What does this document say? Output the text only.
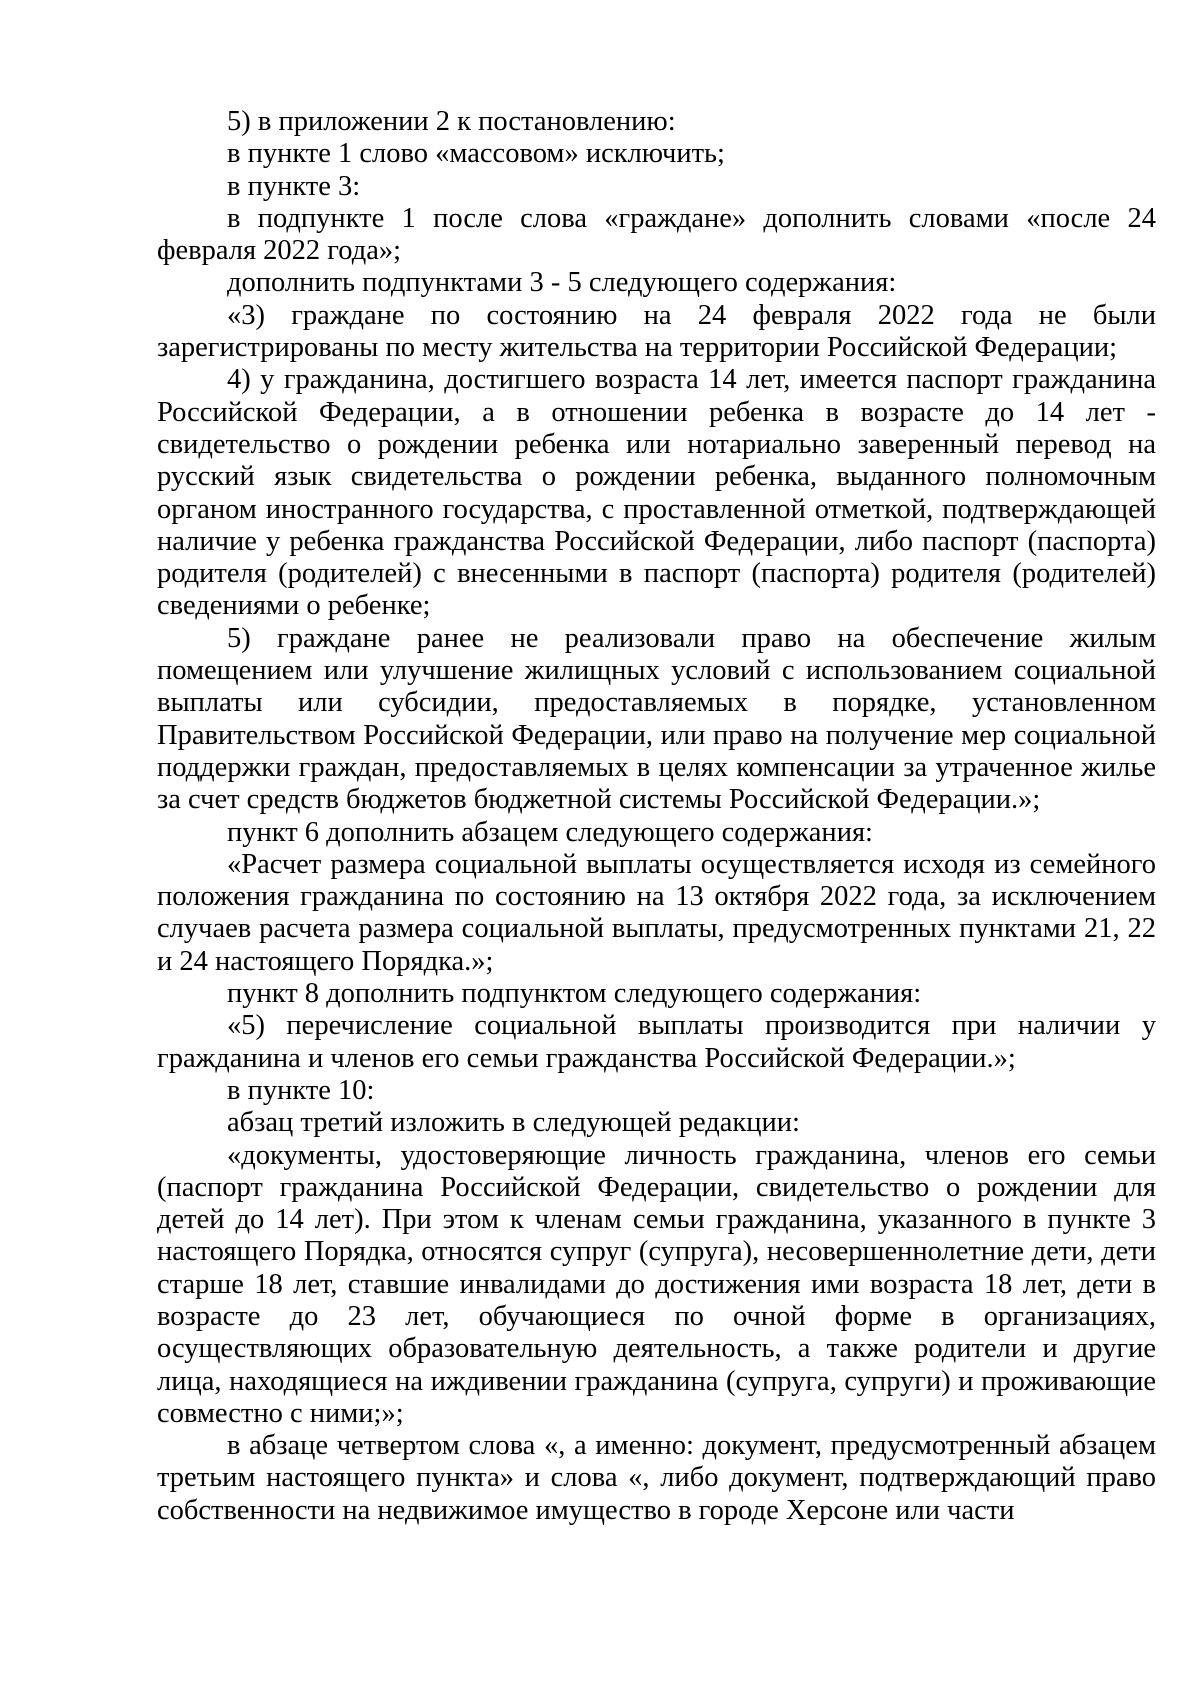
5) в приложении 2 к постановлению:

в пункте 1 слово «массовом» исключить;

в пункте 3:

в подпункте 1 после слова «граждане» дополнить словами «после 24 февраля 2022 года»;

дополнить подпунктами 3 - 5 следующего содержания:

«3) граждане по состоянию на 24 февраля 2022 года не были зарегистрированы по месту жительства на территории Российской Федерации;

4) у гражданина, достигшего возраста 14 лет, имеется паспорт гражданина Российской Федерации, а в отношении ребенка в возрасте до 14 лет - свидетельство о рождении ребенка или нотариально заверенный перевод на русский язык свидетельства о рождении ребенка, выданного полномочным органом иностранного государства, с проставленной отметкой, подтверждающей наличие у ребенка гражданства Российской Федерации, либо паспорт (паспорта) родителя (родителей) с внесенными в паспорт (паспорта) родителя (родителей) сведениями о ребенке;

5) граждане ранее не реализовали право на обеспечение жилым помещением или улучшение жилищных условий с использованием социальной выплаты или субсидии, предоставляемых в порядке, установленном Правительством Российской Федерации, или право на получение мер социальной поддержки граждан, предоставляемых в целях компенсации за утраченное жилье за счет средств бюджетов бюджетной системы Российской Федерации.»;

пункт 6 дополнить абзацем следующего содержания:

«Расчет размера социальной выплаты осуществляется исходя из семейного положения гражданина по состоянию на 13 октября 2022 года, за исключением случаев расчета размера социальной выплаты, предусмотренных пунктами 21, 22 и 24 настоящего Порядка.»;

пункт 8 дополнить подпунктом следующего содержания:

«5) перечисление социальной выплаты производится при наличии у гражданина и членов его семьи гражданства Российской Федерации.»;

в пункте 10:

абзац третий изложить в следующей редакции:

«документы, удостоверяющие личность гражданина, членов его семьи (паспорт гражданина Российской Федерации, свидетельство о рождении для детей до 14 лет). При этом к членам семьи гражданина, указанного в пункте 3 настоящего Порядка, относятся супруг (супруга), несовершеннолетние дети, дети старше 18 лет, ставшие инвалидами до достижения ими возраста 18 лет, дети в возрасте до 23 лет, обучающиеся по очной форме в организациях, осуществляющих образовательную деятельность, а также родители и другие лица, находящиеся на иждивении гражданина (супруга, супруги) и проживающие совместно с ними;»;

в абзаце четвертом слова «, а именно: документ, предусмотренный абзацем третьим настоящего пункта» и слова «, либо документ, подтверждающий право собственности на недвижимое имущество в городе Херсоне или части
